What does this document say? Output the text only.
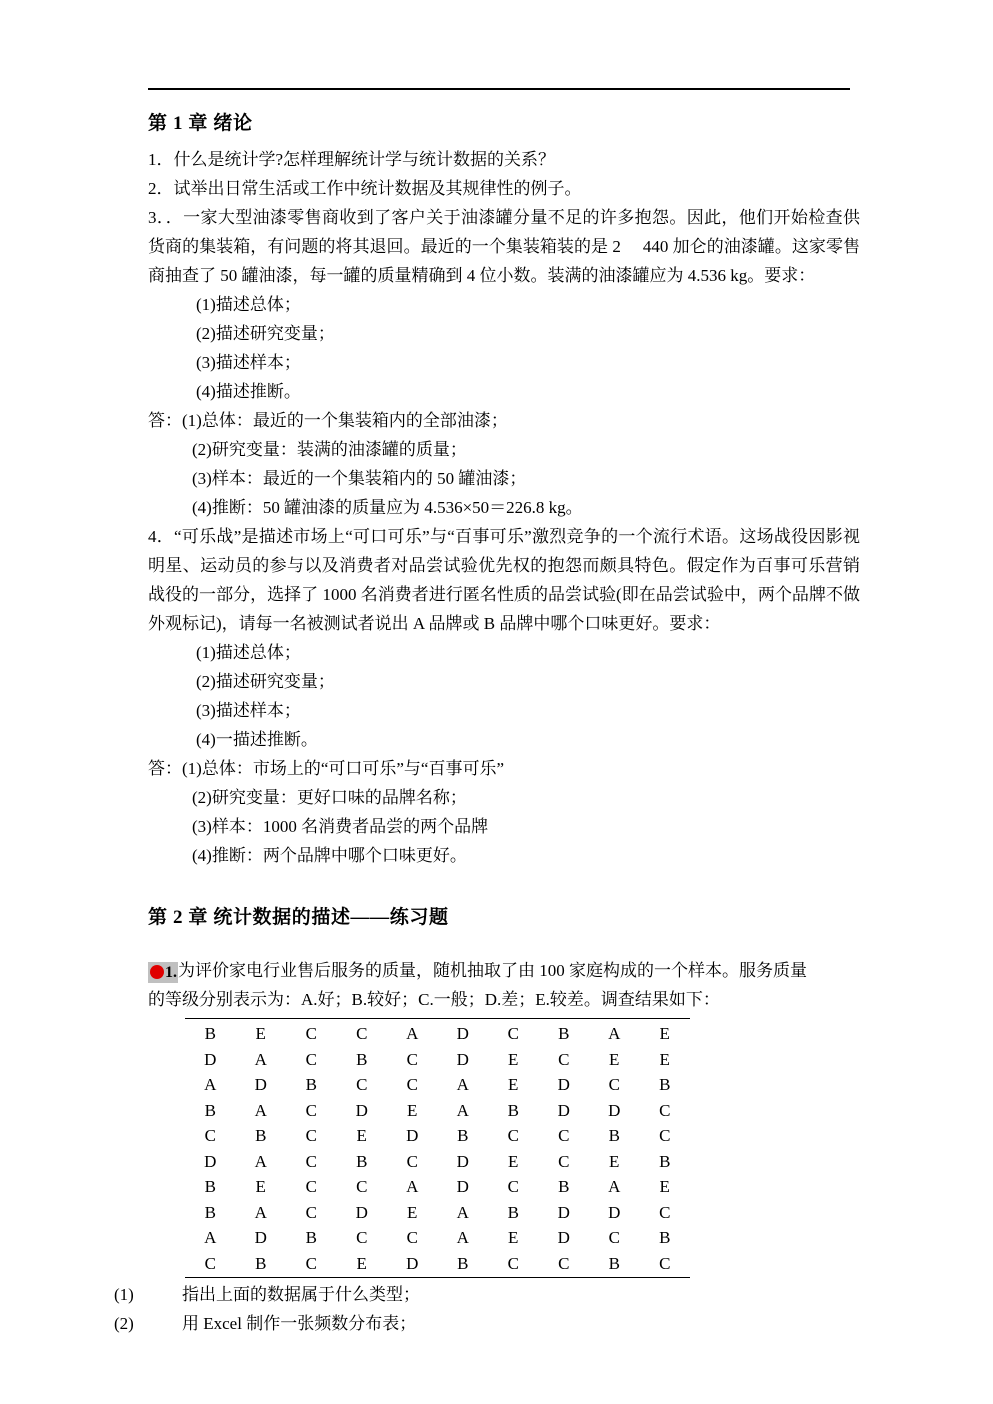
第 1 章 绪论

1．什么是统计学?怎样理解统计学与统计数据的关系？

2．试举出日常生活或工作中统计数据及其规律性的例子。

3．．一家大型油漆零售商收到了客户关于油漆罐分量不足的许多抱怨。因此，他们开始检查供货商的集装箱，有问题的将其退回。最近的一个集装箱装的是 2 440 加仑的油漆罐。这家零售商抽查了 50 罐油漆，每一罐的质量精确到 4 位小数。装满的油漆罐应为 4.536 kg。要求：

(1)描述总体；

(2)描述研究变量；

(3)描述样本；

(4)描述推断。

答：(1)总体：最近的一个集装箱内的全部油漆；

(2)研究变量：装满的油漆罐的质量；

(3)样本：最近的一个集装箱内的 50 罐油漆；

(4)推断：50 罐油漆的质量应为 4.536×50＝226.8 kg。

4．“可乐战”是描述市场上“可口可乐”与“百事可乐”激烈竞争的一个流行术语。这场战役因影视明星、运动员的参与以及消费者对品尝试验优先权的抱怨而颇具特色。假定作为百事可乐营销战役的一部分，选择了 1000 名消费者进行匿名性质的品尝试验(即在品尝试验中，两个品牌不做外观标记)，请每一名被测试者说出 A 品牌或 B 品牌中哪个口味更好。要求：

(1)描述总体；

(2)描述研究变量；

(3)描述样本；

(4)一描述推断。

答：(1)总体：市场上的“可口可乐”与“百事可乐”

(2)研究变量：更好口味的品牌名称；

(3)样本：1000 名消费者品尝的两个品牌

(4)推断：两个品牌中哪个口味更好。

第 2 章 统计数据的描述——练习题

1.为评价家电行业售后服务的质量，随机抽取了由 100 家庭构成的一个样本。服务质量

的等级分别表示为：A.好；B.较好；C.一般；D.差；E.较差。调查结果如下：

B	E	C	C	A	D	C	B	A	E
D	A	C	B	C	D	E	C	E	E
A	D	B	C	C	A	E	D	C	B
B	A	C	D	E	A	B	D	D	C
C	B	C	E	D	B	C	C	B	C
D	A	C	B	C	D	E	C	E	B
B	E	C	C	A	D	C	B	A	E
B	A	C	D	E	A	B	D	D	C
A	D	B	C	C	A	E	D	C	B
C	B	C	E	D	B	C	C	B	C

(1)	指出上面的数据属于什么类型；

(2)	用 Excel 制作一张频数分布表；
